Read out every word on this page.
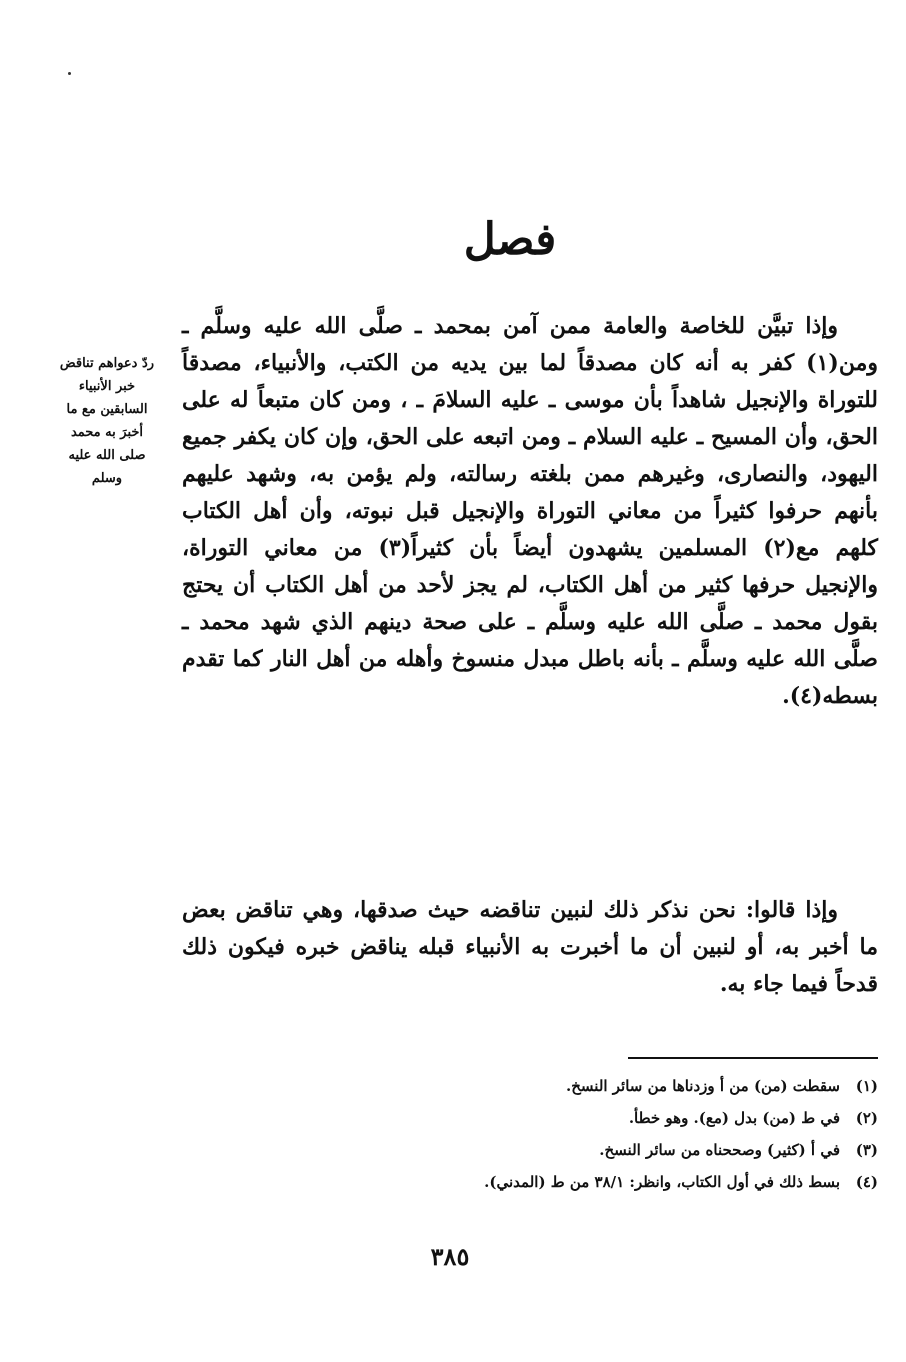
فصل
ردّ دعواهم تناقض خبر الأنبياء السابقين مع ما أخبرَ به محمد صلى الله عليه وسلم

وإذا تبيَّن للخاصة والعامة ممن آمن بمحمد ـ صلَّى الله عليه وسلَّم ـ ومن(١) كفر به أنه كان مصدقاً لما بين يديه من الكتب، والأنبياء، مصدقاً للتوراة والإنجيل شاهداً بأن موسى ـ عليه السلامَ ـ ، ومن كان متبعاً له على الحق، وأن المسيح ـ عليه السلام ـ ومن اتبعه على الحق، وإن كان يكفر جميع اليهود، والنصارى، وغيرهم ممن بلغته رسالته، ولم يؤمن به، وشهد عليهم بأنهم حرفوا كثيراً من معاني التوراة والإنجيل قبل نبوته، وأن أهل الكتاب كلهم مع(٢) المسلمين يشهدون أيضاً بأن كثيراً(٣) من معاني التوراة، والإنجيل حرفها كثير من أهل الكتاب، لم يجز لأحد من أهل الكتاب أن يحتج بقول محمد ـ صلَّى الله عليه وسلَّم ـ على صحة دينهم الذي شهد محمد ـ صلَّى الله عليه وسلَّم ـ بأنه باطل مبدل منسوخ وأهله من أهل النار كما تقدم بسطه(٤).

وإذا قالوا: نحن نذكر ذلك لنبين تناقضه حيث صدقها، وهي تناقض بعض ما أخبر به، أو لنبين أن ما أخبرت به الأنبياء قبله يناقض خبره فيكون ذلك قدحاً فيما جاء به.

(١)
سقطت (من) من أ وزدناها من سائر النسخ.
(٢)
في ط (من) بدل (مع). وهو خطأ.
(٣)
في أ (كثير) وصححناه من سائر النسخ.
(٤)
بسط ذلك في أول الكتاب، وانظر: ٣٨/١ من ط (المدني).
٣٨٥
